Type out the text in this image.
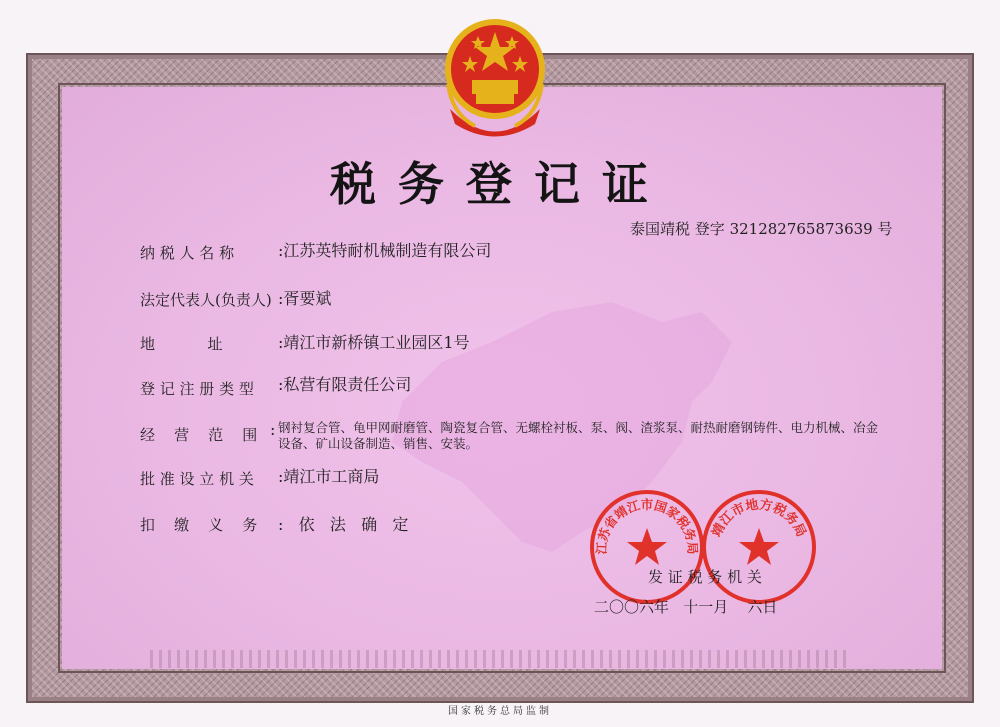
税务登记证
泰国靖税 登字 321282765873639 号
纳 税 人 名 称	:江苏英特耐机械制造有限公司
法定代表人(负责人) :胥要斌
地           址	:靖江市新桥镇工业园区1号
登 记 注 册 类 型 :私营有限责任公司
经    营    范    围 : 钢衬复合管、龟甲网耐磨管、陶瓷复合管、无螺栓衬板、泵、阀、渣浆泵、耐热耐磨钢铸件、电力机械、冶金设备、矿山设备制造、销售、安装。
批 准 设 立 机 关 :靖江市工商局
扣    缴    义    务 :   依   法   确   定
江苏省靖江市国家税务局
靖江市地方税务局
发 证 税 务 机 关
二〇〇六年   十一月    六日
国家税务总局监制
